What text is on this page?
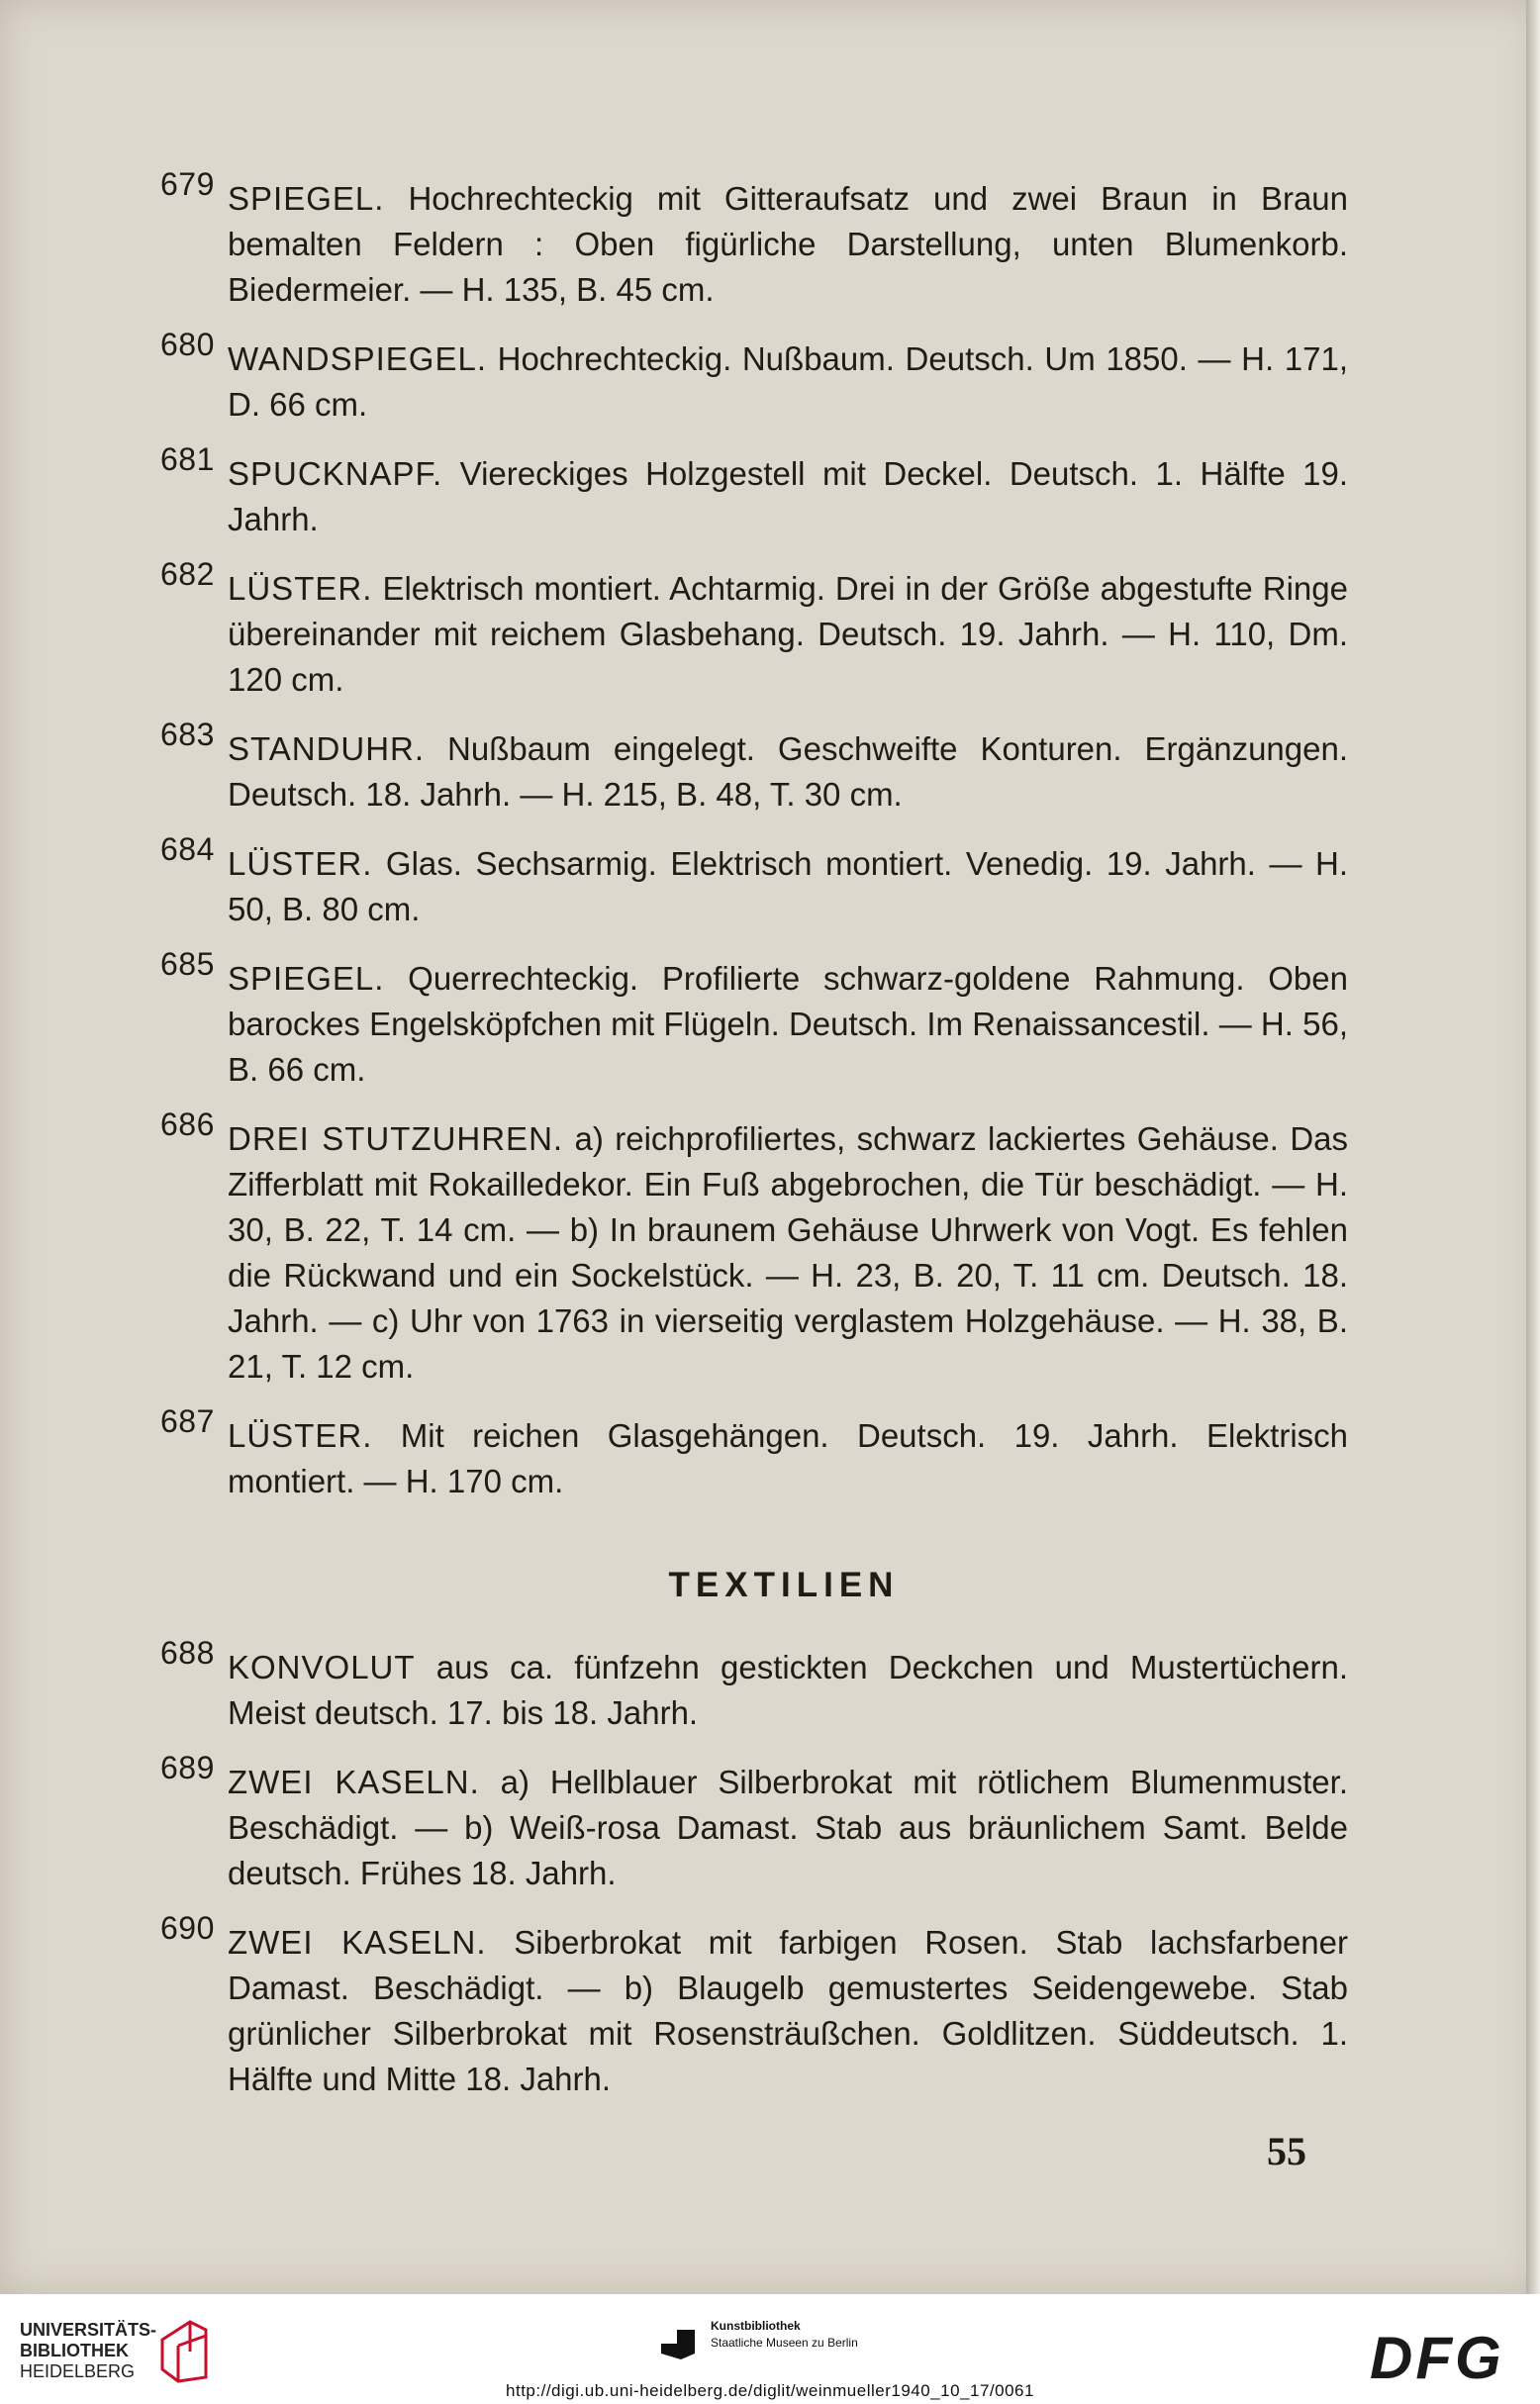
679 SPIEGEL. Hochrechteckig mit Gitteraufsatz und zwei Braun in Braun bemalten Feldern : Oben figürliche Darstellung, unten Blumenkorb. Biedermeier. — H. 135, B. 45 cm.
680 WANDSPIEGEL. Hochrechteckig. Nußbaum. Deutsch. Um 1850. — H. 171, D. 66 cm.
681 SPUCKNAPF. Viereckiges Holzgestell mit Deckel. Deutsch. 1. Hälfte 19. Jahrh.
682 LÜSTER. Elektrisch montiert. Achtarmig. Drei in der Größe abgestufte Ringe übereinander mit reichem Glasbehang. Deutsch. 19. Jahrh. — H. 110, Dm. 120 cm.
683 STANDUHR. Nußbaum eingelegt. Geschweifte Konturen. Ergänzungen. Deutsch. 18. Jahrh. — H. 215, B. 48, T. 30 cm.
684 LÜSTER. Glas. Sechsarmig. Elektrisch montiert. Venedig. 19. Jahrh. — H. 50, B. 80 cm.
685 SPIEGEL. Querrechteckig. Profilierte schwarz-goldene Rahmung. Oben barockes Engelsköpfchen mit Flügeln. Deutsch. Im Renaissancestil. — H. 56, B. 66 cm.
686 DREI STUTZUHREN. a) reichprofiliertes, schwarz lackiertes Gehäuse. Das Zifferblatt mit Rokailledekor. Ein Fuß abgebrochen, die Tür beschädigt. — H. 30, B. 22, T. 14 cm. — b) In braunem Gehäuse Uhrwerk von Vogt. Es fehlen die Rückwand und ein Sockelstück. — H. 23, B. 20, T. 11 cm. Deutsch. 18. Jahrh. — c) Uhr von 1763 in vierseitig verglastem Holzgehäuse. — H. 38, B. 21, T. 12 cm.
687 LÜSTER. Mit reichen Glasgehängen. Deutsch. 19. Jahrh. Elektrisch montiert. — H. 170 cm.
TEXTILIEN
688 KONVOLUT aus ca. fünfzehn gestickten Deckchen und Mustertüchern. Meist deutsch. 17. bis 18. Jahrh.
689 ZWEI KASELN. a) Hellblauer Silberbrokat mit rötlichem Blumenmuster. Beschädigt. — b) Weiß-rosa Damast. Stab aus bräunlichem Samt. Belde deutsch. Frühes 18. Jahrh.
690 ZWEI KASELN. Siberbrokat mit farbigen Rosen. Stab lachsfarbener Damast. Beschädigt. — b) Blaugelb gemustertes Seidengewebe. Stab grünlicher Silberbrokat mit Rosensträußchen. Goldlitzen. Süddeutsch. 1. Hälfte und Mitte 18. Jahrh.
55
UNIVERSITÄTS-
BIBLIOTHEK
HEIDELBERG
Kunstbibliothek
Staatliche Museen zu Berlin	DFG
http://digi.ub.uni-heidelberg.de/diglit/weinmueller1940_10_17/0061
